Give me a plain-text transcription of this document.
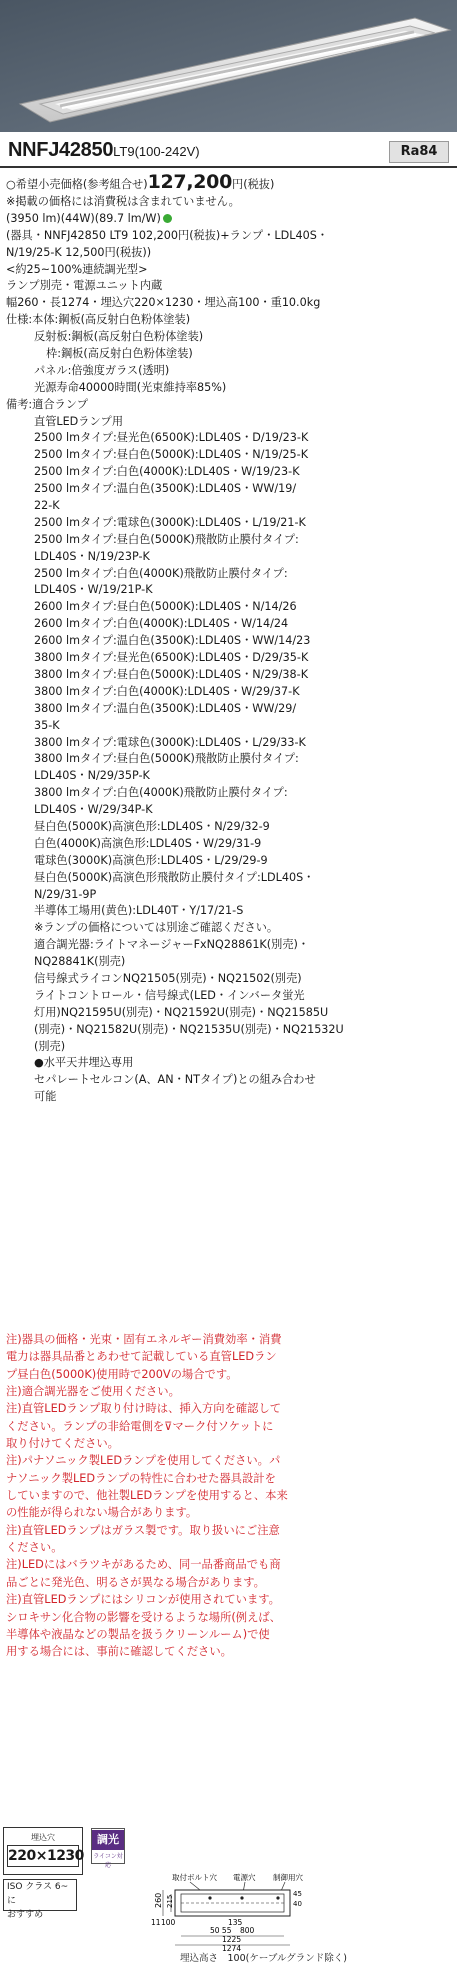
NNFJ42850LT9(100-242V)	Ra84
○希望小売価格(参考組合せ)127,200円(税抜)
※掲載の価格には消費税は含まれていません。
(3950 lm)(44W)(89.7 lm/W)
(器具・NNFJ42850 LT9 102,200円(税抜)+ランプ・LDL40S・
N/19/25-K 12,500円(税抜))
<約25~100%連続調光型>
ランプ別売・電源ユニット内蔵
幅260・長1274・埋込穴220×1230・埋込高100・重10.0kg
仕様:本体:鋼板(高反射白色粉体塗装)
反射板:鋼板(高反射白色粉体塗装)
枠:鋼板(高反射白色粉体塗装)
パネル:倍強度ガラス(透明)
光源寿命40000時間(光束維持率85%)
備考:適合ランプ
直管LEDランプ用
2500 lmタイプ:昼光色(6500K):LDL40S・D/19/23-K
2500 lmタイプ:昼白色(5000K):LDL40S・N/19/25-K
2500 lmタイプ:白色(4000K):LDL40S・W/19/23-K
2500 lmタイプ:温白色(3500K):LDL40S・WW/19/
22-K
2500 lmタイプ:電球色(3000K):LDL40S・L/19/21-K
2500 lmタイプ:昼白色(5000K)飛散防止膜付タイプ:
LDL40S・N/19/23P-K
2500 lmタイプ:白色(4000K)飛散防止膜付タイプ:
LDL40S・W/19/21P-K
2600 lmタイプ:昼白色(5000K):LDL40S・N/14/26
2600 lmタイプ:白色(4000K):LDL40S・W/14/24
2600 lmタイプ:温白色(3500K):LDL40S・WW/14/23
3800 lmタイプ:昼光色(6500K):LDL40S・D/29/35-K
3800 lmタイプ:昼白色(5000K):LDL40S・N/29/38-K
3800 lmタイプ:白色(4000K):LDL40S・W/29/37-K
3800 lmタイプ:温白色(3500K):LDL40S・WW/29/
35-K
3800 lmタイプ:電球色(3000K):LDL40S・L/29/33-K
3800 lmタイプ:昼白色(5000K)飛散防止膜付タイプ:
LDL40S・N/29/35P-K
3800 lmタイプ:白色(4000K)飛散防止膜付タイプ:
LDL40S・W/29/34P-K
昼白色(5000K)高演色形:LDL40S・N/29/32-9
白色(4000K)高演色形:LDL40S・W/29/31-9
電球色(3000K)高演色形:LDL40S・L/29/29-9
昼白色(5000K)高演色形飛散防止膜付タイプ:LDL40S・
N/29/31-9P
半導体工場用(黄色):LDL40T・Y/17/21-S
※ランプの価格については別途ご確認ください。
適合調光器:ライトマネージャーFxNQ28861K(別売)・
NQ28841K(別売)
信号線式ライコンNQ21505(別売)・NQ21502(別売)
ライトコントロール・信号線式(LED・インバータ蛍光
灯用)NQ21595U(別売)・NQ21592U(別売)・NQ21585U
(別売)・NQ21582U(別売)・NQ21535U(別売)・NQ21532U
(別売)
●水平天井埋込専用
セパレートセルコン(A、AN・NTタイプ)との組み合わせ
可能
注)器具の価格・光束・固有エネルギー消費効率・消費
電力は器具品番とあわせて記載している直管LEDラン
プ昼白色(5000K)使用時で200Vの場合です。
注)適合調光器をご使用ください。
注)直管LEDランプ取り付け時は、挿入方向を確認して
ください。ランプの非給電側を⊽マーク付ソケットに
取り付けてください。
注)パナソニック製LEDランプを使用してください。パ
ナソニック製LEDランプの特性に合わせた器具設計を
していますので、他社製LEDランプを使用すると、本来
の性能が得られない場合があります。
注)直管LEDランプはガラス製です。取り扱いにご注意
ください。
注)LEDにはバラツキがあるため、同一品番商品でも商
品ごとに発光色、明るさが異なる場合があります。
注)直管LEDランプにはシリコンが使用されています。
シロキサン化合物の影響を受けるような場所(例えば、
半導体や液晶などの製品を扱うクリーンルーム)で使
用する場合には、事前に確認してください。
埋込穴
220×1230
調光
ライコン対応
ISO クラス 6~に
おすすめ
取付ボルト穴 電源穴 制御用穴
260 215
11 100
45
40
135
50 55 800
1225
1274
埋込高さ　100(ケーブルグランド除く)
